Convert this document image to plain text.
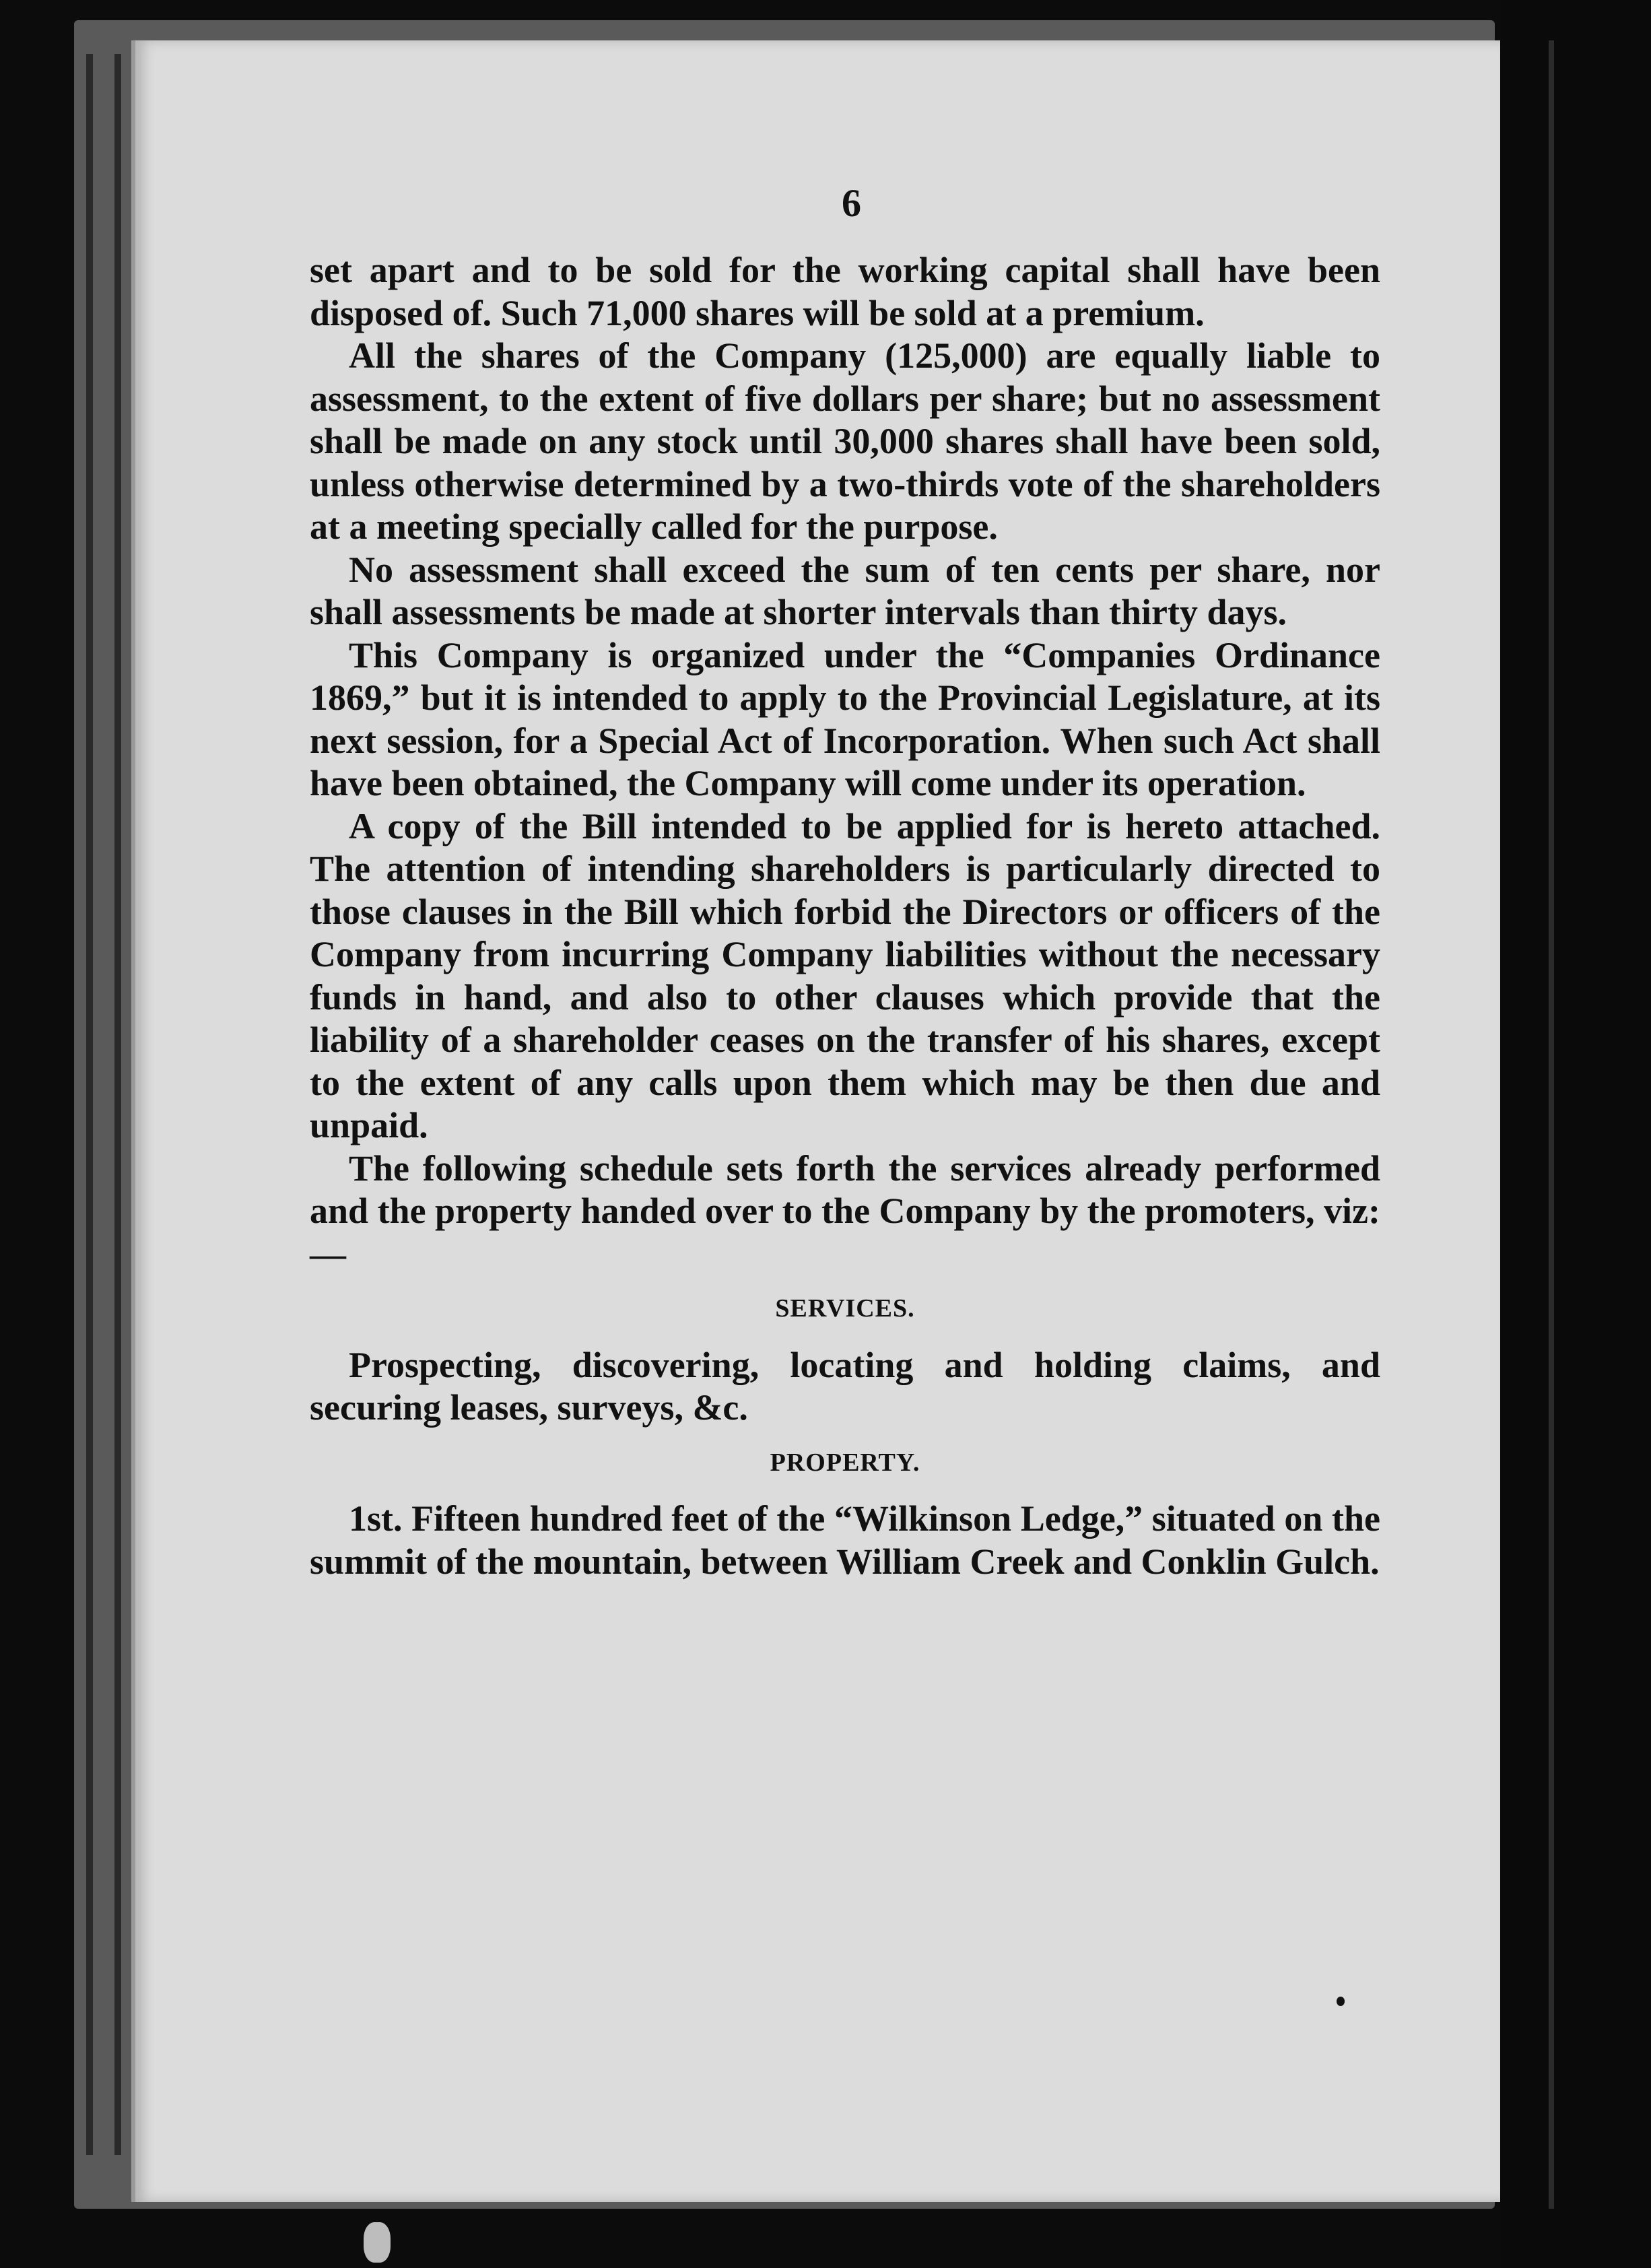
6

set apart and to be sold for the working capital shall have been disposed of. Such 71,000 shares will be sold at a premium.

All the shares of the Company (125,000) are equally liable to assessment, to the extent of five dollars per share; but no assessment shall be made on any stock until 30,000 shares shall have been sold, unless otherwise determined by a two-thirds vote of the shareholders at a meeting specially called for the purpose.

No assessment shall exceed the sum of ten cents per share, nor shall assessments be made at shorter intervals than thirty days.

This Company is organized under the “Companies Ordinance 1869,” but it is intended to apply to the Provincial Legislature, at its next session, for a Special Act of Incorporation. When such Act shall have been obtained, the Company will come under its operation.

A copy of the Bill intended to be applied for is hereto attached. The attention of intending shareholders is particularly directed to those clauses in the Bill which forbid the Directors or officers of the Company from incurring Company liabilities without the necessary funds in hand, and also to other clauses which provide that the liability of a shareholder ceases on the transfer of his shares, except to the extent of any calls upon them which may be then due and unpaid.

The following schedule sets forth the services already performed and the property handed over to the Company by the promoters, viz:—

SERVICES.

Prospecting, discovering, locating and holding claims, and securing leases, surveys, &c.

PROPERTY.

1st. Fifteen hundred feet of the “Wilkinson Ledge,” situated on the summit of the mountain, between William Creek and Conklin Gulch.
